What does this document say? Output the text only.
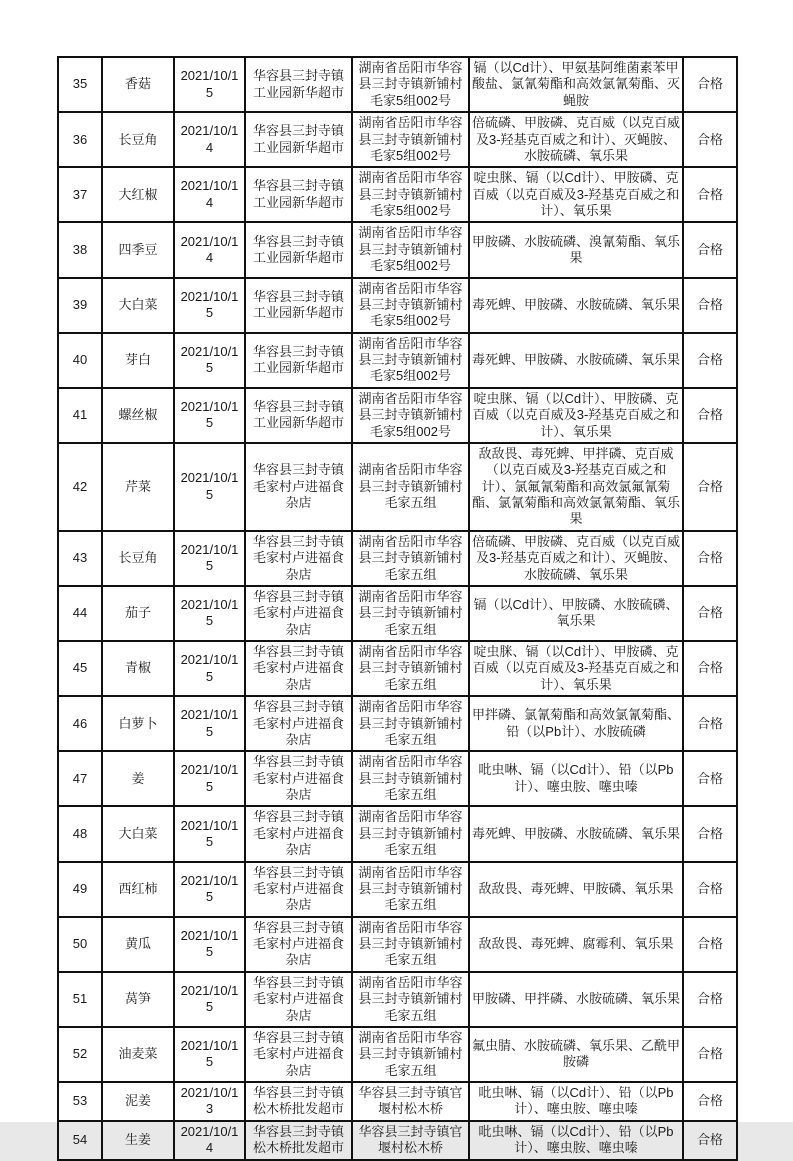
35	香菇	2021/10/15	华容县三封寺镇工业园新华超市	湖南省岳阳市华容县三封寺镇新铺村毛家5组002号	镉（以Cd计）、甲氨基阿维菌素苯甲酸盐、氯氰菊酯和高效氯氰菊酯、灭蝇胺	合格
36	长豆角	2021/10/14	华容县三封寺镇工业园新华超市	湖南省岳阳市华容县三封寺镇新铺村毛家5组002号	倍硫磷、甲胺磷、克百威（以克百威及3-羟基克百威之和计）、灭蝇胺、水胺硫磷、氧乐果	合格
37	大红椒	2021/10/14	华容县三封寺镇工业园新华超市	湖南省岳阳市华容县三封寺镇新铺村毛家5组002号	啶虫脒、镉（以Cd计）、甲胺磷、克百威（以克百威及3-羟基克百威之和计）、氧乐果	合格
38	四季豆	2021/10/14	华容县三封寺镇工业园新华超市	湖南省岳阳市华容县三封寺镇新铺村毛家5组002号	甲胺磷、水胺硫磷、溴氰菊酯、氧乐果	合格
39	大白菜	2021/10/15	华容县三封寺镇工业园新华超市	湖南省岳阳市华容县三封寺镇新铺村毛家5组002号	毒死蜱、甲胺磷、水胺硫磷、氧乐果	合格
40	芽白	2021/10/15	华容县三封寺镇工业园新华超市	湖南省岳阳市华容县三封寺镇新铺村毛家5组002号	毒死蜱、甲胺磷、水胺硫磷、氧乐果	合格
41	螺丝椒	2021/10/15	华容县三封寺镇工业园新华超市	湖南省岳阳市华容县三封寺镇新铺村毛家5组002号	啶虫脒、镉（以Cd计）、甲胺磷、克百威（以克百威及3-羟基克百威之和计）、氧乐果	合格
42	芹菜	2021/10/15	华容县三封寺镇毛家村卢进福食杂店	湖南省岳阳市华容县三封寺镇新铺村毛家五组	敌敌畏、毒死蜱、甲拌磷、克百威（以克百威及3-羟基克百威之和计）、氯氟氰菊酯和高效氯氟氰菊酯、氯氰菊酯和高效氯氰菊酯、氧乐果	合格
43	长豆角	2021/10/15	华容县三封寺镇毛家村卢进福食杂店	湖南省岳阳市华容县三封寺镇新铺村毛家五组	倍硫磷、甲胺磷、克百威（以克百威及3-羟基克百威之和计）、灭蝇胺、水胺硫磷、氧乐果	合格
44	茄子	2021/10/15	华容县三封寺镇毛家村卢进福食杂店	湖南省岳阳市华容县三封寺镇新铺村毛家五组	镉（以Cd计）、甲胺磷、水胺硫磷、氧乐果	合格
45	青椒	2021/10/15	华容县三封寺镇毛家村卢进福食杂店	湖南省岳阳市华容县三封寺镇新铺村毛家五组	啶虫脒、镉（以Cd计）、甲胺磷、克百威（以克百威及3-羟基克百威之和计）、氧乐果	合格
46	白萝卜	2021/10/15	华容县三封寺镇毛家村卢进福食杂店	湖南省岳阳市华容县三封寺镇新铺村毛家五组	甲拌磷、氯氰菊酯和高效氯氰菊酯、铅（以Pb计）、水胺硫磷	合格
47	姜	2021/10/15	华容县三封寺镇毛家村卢进福食杂店	湖南省岳阳市华容县三封寺镇新铺村毛家五组	吡虫啉、镉（以Cd计）、铅（以Pb计）、噻虫胺、噻虫嗪	合格
48	大白菜	2021/10/15	华容县三封寺镇毛家村卢进福食杂店	湖南省岳阳市华容县三封寺镇新铺村毛家五组	毒死蜱、甲胺磷、水胺硫磷、氧乐果	合格
49	西红柿	2021/10/15	华容县三封寺镇毛家村卢进福食杂店	湖南省岳阳市华容县三封寺镇新铺村毛家五组	敌敌畏、毒死蜱、甲胺磷、氧乐果	合格
50	黄瓜	2021/10/15	华容县三封寺镇毛家村卢进福食杂店	湖南省岳阳市华容县三封寺镇新铺村毛家五组	敌敌畏、毒死蜱、腐霉利、氧乐果	合格
51	莴笋	2021/10/15	华容县三封寺镇毛家村卢进福食杂店	湖南省岳阳市华容县三封寺镇新铺村毛家五组	甲胺磷、甲拌磷、水胺硫磷、氧乐果	合格
52	油麦菜	2021/10/15	华容县三封寺镇毛家村卢进福食杂店	湖南省岳阳市华容县三封寺镇新铺村毛家五组	氟虫腈、水胺硫磷、氧乐果、乙酰甲胺磷	合格
53	泥姜	2021/10/13	华容县三封寺镇松木桥批发超市	华容县三封寺镇官堰村松木桥	吡虫啉、镉（以Cd计）、铅（以Pb计）、噻虫胺、噻虫嗪	合格
54	生姜	2021/10/14	华容县三封寺镇松木桥批发超市	华容县三封寺镇官堰村松木桥	吡虫啉、镉（以Cd计）、铅（以Pb计）、噻虫胺、噻虫嗪	合格
